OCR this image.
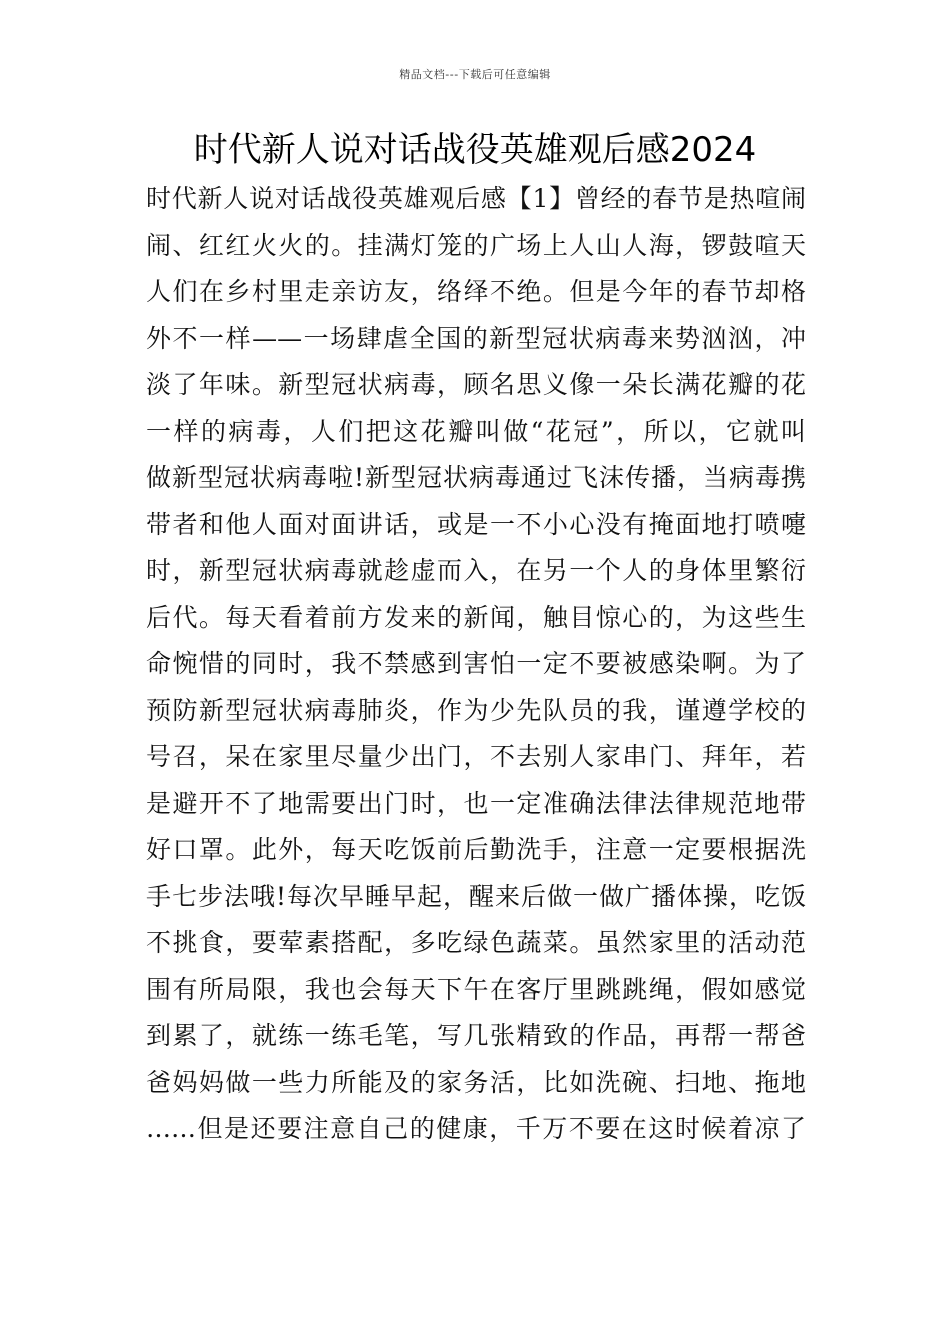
精品文档---下载后可任意编辑
时代新人说对话战役英雄观后感2024
时代新人说对话战役英雄观后感【1】曾经的春节是热喧闹
闹、红红火火的。挂满灯笼的广场上人山人海，锣鼓喧天
人们在乡村里走亲访友，络绎不绝。但是今年的春节却格
外不一样——一场肆虐全国的新型冠状病毒来势汹汹，冲
淡了年味。新型冠状病毒，顾名思义像一朵长满花瓣的花
一样的病毒，人们把这花瓣叫做“花冠”，所以，它就叫
做新型冠状病毒啦!新型冠状病毒通过飞沫传播，当病毒携
带者和他人面对面讲话，或是一不小心没有掩面地打喷嚏
时，新型冠状病毒就趁虚而入，在另一个人的身体里繁衍
后代。每天看着前方发来的新闻，触目惊心的，为这些生
命惋惜的同时，我不禁感到害怕一定不要被感染啊。为了
预防新型冠状病毒肺炎，作为少先队员的我，谨遵学校的
号召，呆在家里尽量少出门，不去别人家串门、拜年，若
是避开不了地需要出门时，也一定准确法律法律规范地带
好口罩。此外，每天吃饭前后勤洗手，注意一定要根据洗
手七步法哦!每次早睡早起，醒来后做一做广播体操，吃饭
不挑食，要荤素搭配，多吃绿色蔬菜。虽然家里的活动范
围有所局限，我也会每天下午在客厅里跳跳绳，假如感觉
到累了，就练一练毛笔，写几张精致的作品，再帮一帮爸
爸妈妈做一些力所能及的家务活，比如洗碗、扫地、拖地
……但是还要注意自己的健康，千万不要在这时候着凉了
